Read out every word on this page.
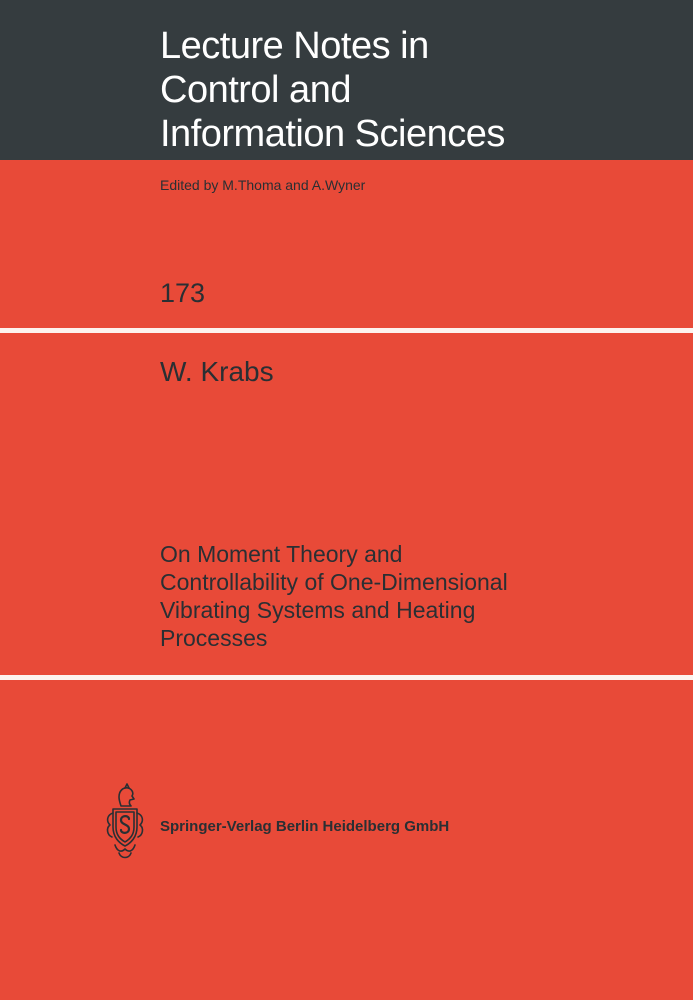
Lecture Notes in
Control and
Information Sciences
Edited by M.Thoma and A.Wyner
173
W. Krabs
On Moment Theory and
Controllability of One-Dimensional
Vibrating Systems and Heating
Processes
Springer-Verlag Berlin Heidelberg GmbH
